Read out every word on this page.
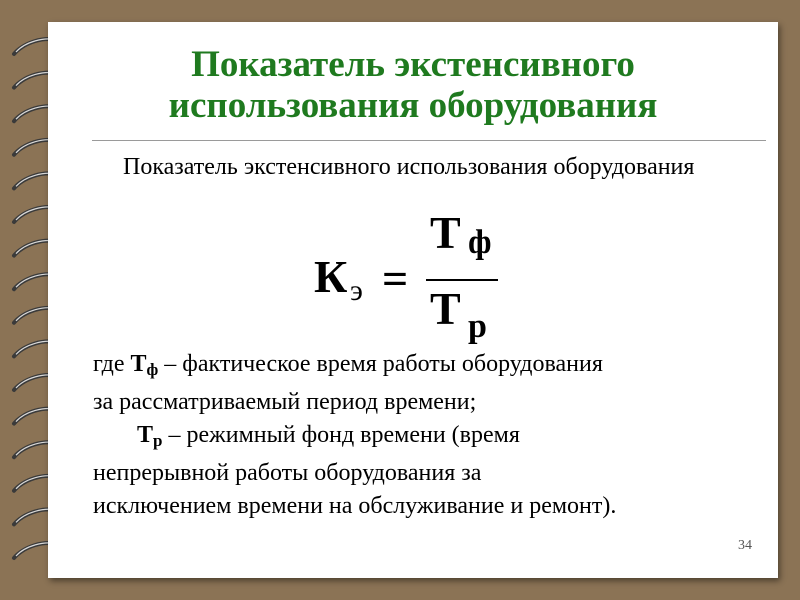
Показатель экстенсивного
использования оборудования

Показатель экстенсивного использования оборудования

К э =
Т ф
Т р
где $Т_ф$ – фактическое время работы оборудования
за рассматриваемый период времени;
$Т_р$ – режимный фонд времени (время
непрерывной работы оборудования за
исключением времени на обслуживание и ремонт).
34
